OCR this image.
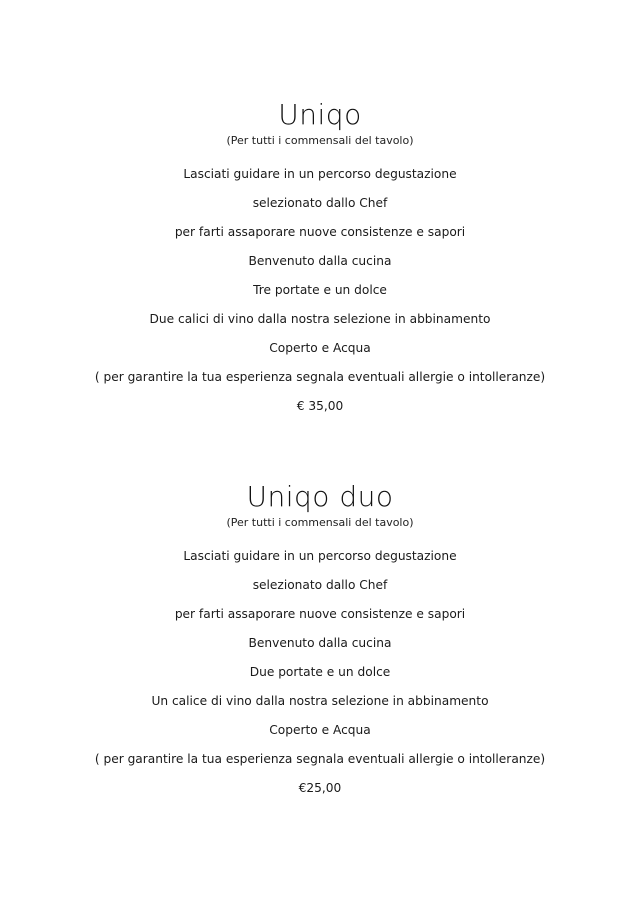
Uniqo

(Per tutti i commensali del tavolo)

Lasciati guidare in un percorso degustazione
selezionato dallo Chef
per farti assaporare nuove consistenze e sapori
Benvenuto dalla cucina
Tre portate e un dolce
Due calici di vino dalla nostra selezione in abbinamento
Coperto e Acqua
( per garantire la tua esperienza segnala eventuali allergie o intolleranze)
€ 35,00
Uniqo duo

(Per tutti i commensali del tavolo)

Lasciati guidare in un percorso degustazione
selezionato dallo Chef
per farti assaporare nuove consistenze e sapori
Benvenuto dalla cucina
Due portate e un dolce
Un calice di vino dalla nostra selezione in abbinamento
Coperto e Acqua
( per garantire la tua esperienza segnala eventuali allergie o intolleranze)
€25,00
